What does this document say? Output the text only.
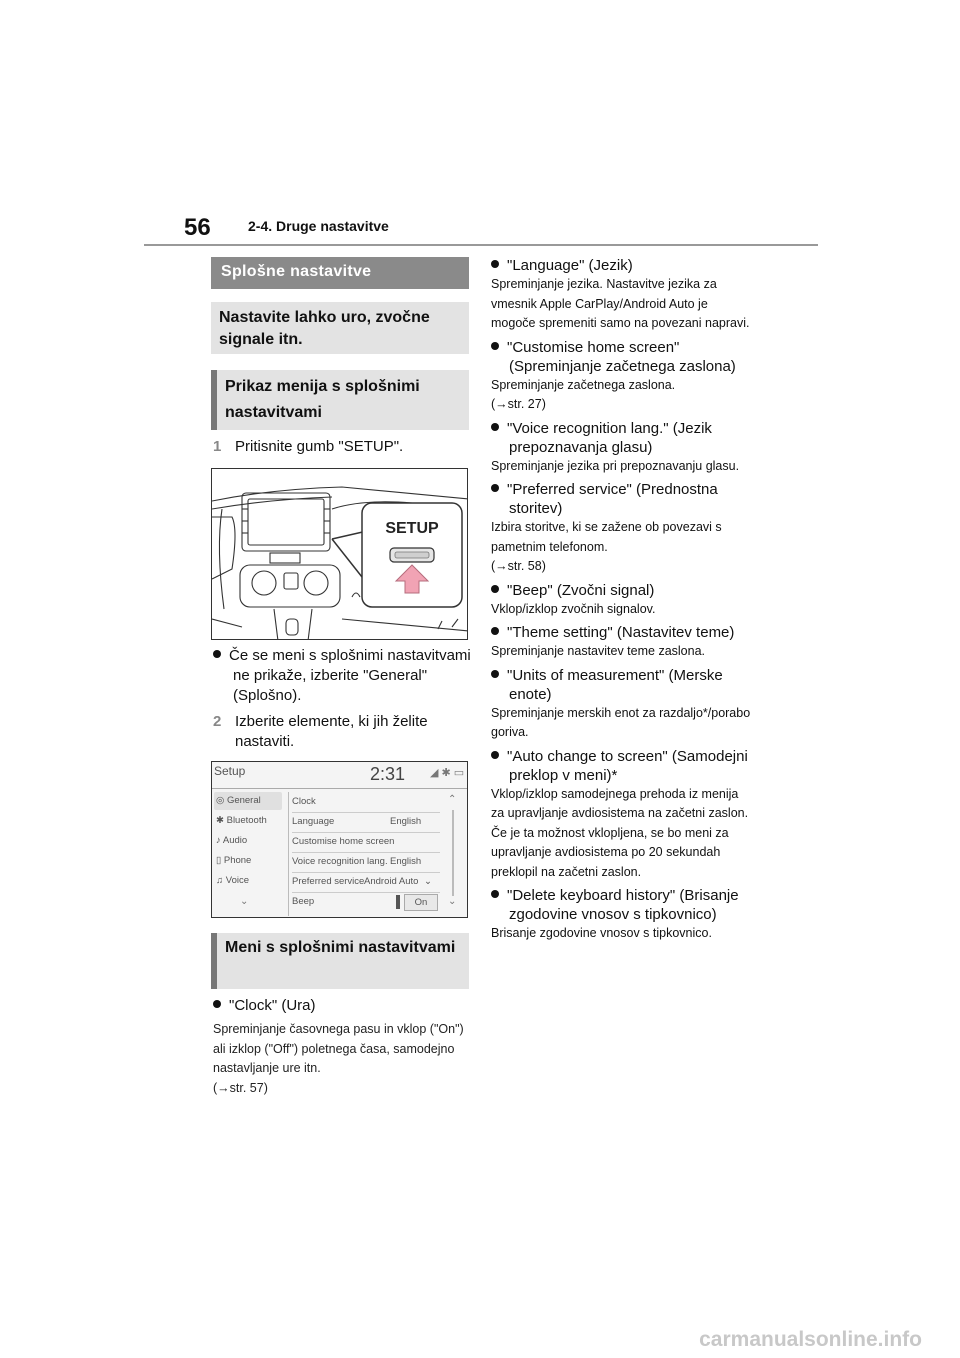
56	2-4. Druge nastavitve
Splošne nastavitve
Nastavite lahko uro, zvočne signale itn.
Prikaz menija s splošnimi nastavitvami
1 Pritisnite gumb "SETUP".
SETUP
Če se meni s splošnimi nastavitvami ne prikaže, izberite "General" (Splošno).
2 Izberite elemente, ki jih želite nastaviti.
Setup	2:31 ◢ ✱ ▭
◎ General
✱ Bluetooth
♪ Audio
▯ Phone
♫ Voice
⌄
Clock
Language	English
Customise home screen
Voice recognition lang. English
Preferred service Android Auto ⌄
Beep	On
⌃
⌄
Meni s splošnimi nastavitvami
"Clock" (Ura)
Spreminjanje časovnega pasu in vklop ("On") ali izklop ("Off") poletnega časa, samodejno nastavljanje ure itn.
(→str. 57)
"Language" (Jezik)
Spreminjanje jezika. Nastavitve jezika za vmesnik Apple CarPlay/Android Auto je mogoče spremeniti samo na povezani napravi.
"Customise home screen" (Spreminjanje začetnega zaslona)
Spreminjanje začetnega zaslona.
(→str. 27)
"Voice recognition lang." (Jezik prepoznavanja glasu)
Spreminjanje jezika pri prepoznavanju glasu.
"Preferred service" (Prednostna storitev)
Izbira storitve, ki se zažene ob povezavi s pametnim telefonom.
(→str. 58)
"Beep" (Zvočni signal)
Vklop/izklop zvočnih signalov.
"Theme setting" (Nastavitev teme)
Spreminjanje nastavitev teme zaslona.
"Units of measurement" (Merske enote)
Spreminjanje merskih enot za razdaljo*/porabo goriva.
"Auto change to screen" (Samodejni preklop v meni)*
Vklop/izklop samodejnega prehoda iz menija za upravljanje avdiosistema na začetni zaslon. Če je ta možnost vklopljena, se bo meni za upravljanje avdiosistema po 20 sekundah preklopil na začetni zaslon.
"Delete keyboard history" (Brisanje zgodovine vnosov s tipkovnico)
Brisanje zgodovine vnosov s tipkovnico.
carmanualsonline.info
